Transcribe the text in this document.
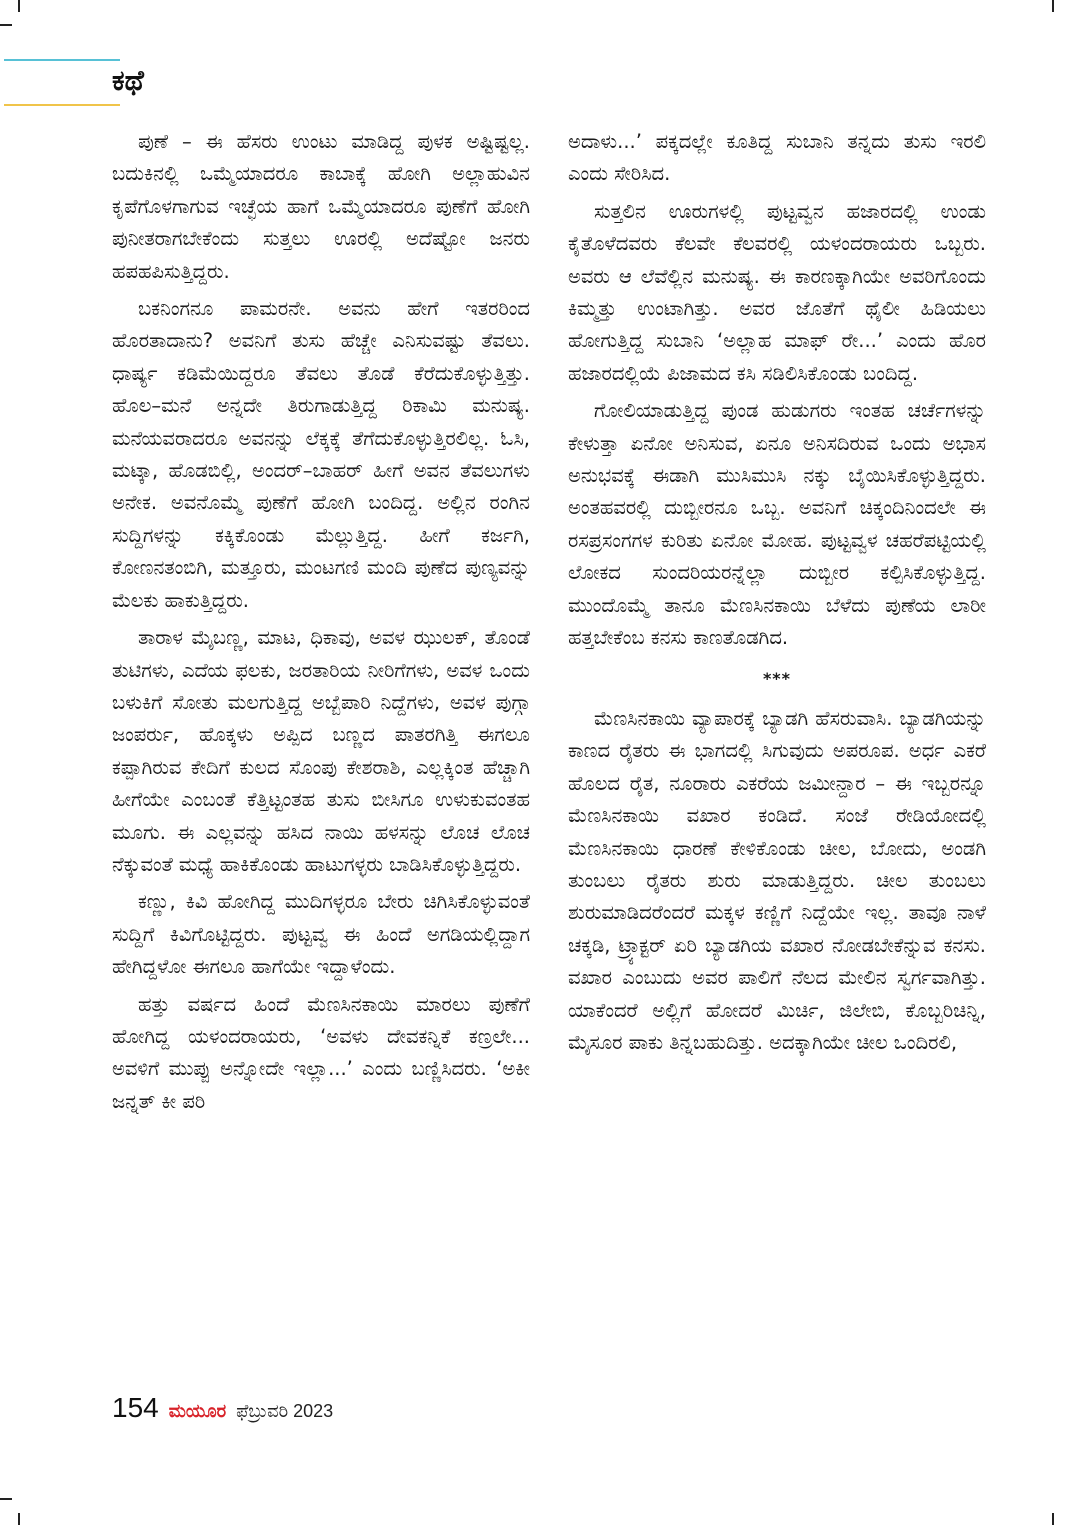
ಕಥೆ

ಪುಣೆ – ಈ ಹೆಸರು ಉಂಟು ಮಾಡಿದ್ದ ಪುಳಕ ಅಷ್ಟಿಷ್ಟಲ್ಲ. ಬದುಕಿನಲ್ಲಿ ಒಮ್ಮೆಯಾದರೂ ಕಾಬಾಕ್ಕೆ ಹೋಗಿ ಅಲ್ಲಾಹುವಿನ ಕೃಪೆಗೊಳಗಾಗುವ ಇಚ್ಛೆಯ ಹಾಗೆ ಒಮ್ಮೆಯಾದರೂ ಪುಣೆಗೆ ಹೋಗಿ ಪುನೀತರಾಗಬೇಕೆಂದು ಸುತ್ತಲು ಊರಲ್ಲಿ ಅದೆಷ್ಟೋ ಜನರು ಹಪಹಪಿಸುತ್ತಿದ್ದರು.

ಬಕನಿಂಗನೂ ಪಾಮರನೇ. ಅವನು ಹೇಗೆ ಇತರರಿಂದ ಹೊರತಾದಾನು? ಅವನಿಗೆ ತುಸು ಹೆಚ್ಚೇ ಎನಿಸುವಷ್ಟು ತೆವಲು. ಧಾರ್ಷ್ಯ ಕಡಿಮೆಯಿದ್ದರೂ ತೆವಲು ತೊಡೆ ಕೆರೆದುಕೊಳ್ಳುತ್ತಿತ್ತು. ಹೊಲ–ಮನೆ ಅನ್ನದೇ ತಿರುಗಾಡುತ್ತಿದ್ದ ರಿಕಾಮಿ ಮನುಷ್ಯ. ಮನೆಯವರಾದರೂ ಅವನನ್ನು ಲೆಕ್ಕಕ್ಕೆ ತೆಗೆದುಕೊಳ್ಳುತ್ತಿರಲಿಲ್ಲ. ಓಸಿ, ಮಟ್ಕಾ, ಹೊಡಬಿಲ್ಲಿ, ಅಂದರ್–ಬಾಹರ್ ಹೀಗೆ ಅವನ ತೆವಲುಗಳು ಅನೇಕ. ಅವನೊಮ್ಮೆ ಪುಣೆಗೆ ಹೋಗಿ ಬಂದಿದ್ದ. ಅಲ್ಲಿನ ರಂಗಿನ ಸುದ್ದಿಗಳನ್ನು ಕಕ್ಕಿಕೊಂಡು ಮೆಲ್ಲುತ್ತಿದ್ದ. ಹೀಗೆ ಕರ್ಜಗಿ, ಕೋಣನತಂಬಿಗಿ, ಮತ್ತೂರು, ಮಂಟಗಣಿ ಮಂದಿ ಪುಣೆದ ಪುಣ್ಯವನ್ನು ಮೆಲಕು ಹಾಕುತ್ತಿದ್ದರು.

ತಾರಾಳ ಮೈಬಣ್ಣ, ಮಾಟ, ಧಿಕಾವು, ಅವಳ ಝುಲಕ್, ತೊಂಡೆ ತುಟಿಗಳು, ಎದೆಯ ಫಲಕು, ಜರತಾರಿಯ ನೀರಿಗೆಗಳು, ಅವಳ ಒಂದು ಬಳುಕಿಗೆ ಸೋತು ಮಲಗುತ್ತಿದ್ದ ಅಬ್ಬೆಪಾರಿ ನಿದ್ದೆಗಳು, ಅವಳ ಪುಗ್ಗಾ ಜಂಪರ್ರು, ಹೊಕ್ಕಳು ಅಪ್ಪಿದ ಬಣ್ಣದ ಪಾತರಗಿತ್ತಿ ಈಗಲೂ ಕಪ್ಪಾಗಿರುವ ಕೇದಿಗೆ ಕುಲದ ಸೊಂಪು ಕೇಶರಾಶಿ, ಎಲ್ಲಕ್ಕಿಂತ ಹೆಚ್ಚಾಗಿ ಹೀಗೆಯೇ ಎಂಬಂತೆ ಕೆತ್ತಿಟ್ಟಂತಹ ತುಸು ಬೀಸಿಗೂ ಉಳುಕುವಂತಹ ಮೂಗು. ಈ ಎಲ್ಲವನ್ನು ಹಸಿದ ನಾಯಿ ಹಳಸನ್ನು ಲೊಚ ಲೊಚ ನೆಕ್ಕುವಂತೆ ಮಧ್ಯೆ ಹಾಕಿಕೊಂಡು ಹಾಟುಗಳ್ಳರು ಬಾಡಿಸಿಕೊಳ್ಳುತ್ತಿದ್ದರು.

ಕಣ್ಣು, ಕಿವಿ ಹೋಗಿದ್ದ ಮುದಿಗಳ್ಳರೂ ಬೇರು ಚಿಗಿಸಿಕೊಳ್ಳುವಂತೆ ಸುದ್ದಿಗೆ ಕಿವಿಗೊಟ್ಟಿದ್ದರು. ಪುಟ್ಟವ್ವ ಈ ಹಿಂದೆ ಅಗಡಿಯಲ್ಲಿದ್ದಾಗ ಹೇಗಿದ್ದಳೋ ಈಗಲೂ ಹಾಗೆಯೇ ಇದ್ದಾಳೆಂದು.

ಹತ್ತು ವರ್ಷದ ಹಿಂದೆ ಮೆಣಸಿನಕಾಯಿ ಮಾರಲು ಪುಣೆಗೆ ಹೋಗಿದ್ದ ಯಳಂದರಾಯರು, ‘ಅವಳು ದೇವಕನ್ನಿಕೆ ಕಣ್ರಲೇ... ಅವಳಿಗೆ ಮುಪ್ಪು ಅನ್ನೋದೇ ಇಲ್ಲಾ...’ ಎಂದು ಬಣ್ಣಿಸಿದರು. ‘ಅಕೀ ಜನ್ನತ್ ಕೀ ಪರಿ

ಅದಾಳು...’ ಪಕ್ಕದಲ್ಲೇ ಕೂತಿದ್ದ ಸುಬಾನಿ ತನ್ನದು ತುಸು ಇರಲಿ ಎಂದು ಸೇರಿಸಿದ.

ಸುತ್ತಲಿನ ಊರುಗಳಲ್ಲಿ ಪುಟ್ಟವ್ವನ ಹಜಾರದಲ್ಲಿ ಉಂಡು ಕೈತೊಳೆದವರು ಕೆಲವೇ ಕೆಲವರಲ್ಲಿ ಯಳಂದರಾಯರು ಒಬ್ಬರು. ಅವರು ಆ ಲೆವೆಲ್ಲಿನ ಮನುಷ್ಯ. ಈ ಕಾರಣಕ್ಕಾಗಿಯೇ ಅವರಿಗೊಂದು ಕಿಮ್ಮತ್ತು ಉಂಟಾಗಿತ್ತು. ಅವರ ಜೊತೆಗೆ ಥೈಲೀ ಹಿಡಿಯಲು ಹೋಗುತ್ತಿದ್ದ ಸುಬಾನಿ ‘ಅಲ್ಲಾಹ ಮಾಫ್ ರೇ...’ ಎಂದು ಹೊರ ಹಜಾರದಲ್ಲಿಯೆ ಪಿಜಾಮದ ಕಸಿ ಸಡಿಲಿಸಿಕೊಂಡು ಬಂದಿದ್ದ.

ಗೋಲಿಯಾಡುತ್ತಿದ್ದ ಪುಂಡ ಹುಡುಗರು ಇಂತಹ ಚರ್ಚೆಗಳನ್ನು ಕೇಳುತ್ತಾ ಏನೋ ಅನಿಸುವ, ಏನೂ ಅನಿಸದಿರುವ ಒಂದು ಅಭಾಸ ಅನುಭವಕ್ಕೆ ಈಡಾಗಿ ಮುಸಿಮುಸಿ ನಕ್ಕು ಬೈಯಿಸಿಕೊಳ್ಳುತ್ತಿದ್ದರು. ಅಂತಹವರಲ್ಲಿ ದುಬ್ಬೀರನೂ ಒಬ್ಬ. ಅವನಿಗೆ ಚಿಕ್ಕಂದಿನಿಂದಲೇ ಈ ರಸಪ್ರಸಂಗಗಳ ಕುರಿತು ಏನೋ ಮೋಹ. ಪುಟ್ಟವ್ವಳ ಚಹರೆಪಟ್ಟಿಯಲ್ಲಿ ಲೋಕದ ಸುಂದರಿಯರನ್ನೆಲ್ಲಾ ದುಬ್ಬೀರ ಕಲ್ಪಿಸಿಕೊಳ್ಳುತ್ತಿದ್ದ. ಮುಂದೊಮ್ಮೆ ತಾನೂ ಮೆಣಸಿನಕಾಯಿ ಬೆಳೆದು ಪುಣೆಯ ಲಾರೀ ಹತ್ತಬೇಕೆಂಬ ಕನಸು ಕಾಣತೊಡಗಿದ.

***

ಮೆಣಸಿನಕಾಯಿ ವ್ಯಾಪಾರಕ್ಕೆ ಬ್ಯಾಡಗಿ ಹೆಸರುವಾಸಿ. ಬ್ಯಾಡಗಿಯನ್ನು ಕಾಣದ ರೈತರು ಈ ಭಾಗದಲ್ಲಿ ಸಿಗುವುದು ಅಪರೂಪ. ಅರ್ಧ ಎಕರೆ ಹೊಲದ ರೈತ, ನೂರಾರು ಎಕರೆಯ ಜಮೀನ್ದಾರ – ಈ ಇಬ್ಬರನ್ನೂ ಮೆಣಸಿನಕಾಯಿ ವಖಾರ ಕಂಡಿದೆ. ಸಂಜೆ ರೇಡಿಯೋದಲ್ಲಿ ಮೆಣಸಿನಕಾಯಿ ಧಾರಣೆ ಕೇಳಿಕೊಂಡು ಚೀಲ, ಬೋದು, ಅಂಡಗಿ ತುಂಬಲು ರೈತರು ಶುರು ಮಾಡುತ್ತಿದ್ದರು. ಚೀಲ ತುಂಬಲು ಶುರುಮಾಡಿದರೆಂದರೆ ಮಕ್ಕಳ ಕಣ್ಣಿಗೆ ನಿದ್ದೆಯೇ ಇಲ್ಲ. ತಾವೂ ನಾಳೆ ಚಕ್ಕಡಿ, ಟ್ರ್ಯಾಕ್ಟರ್ ಏರಿ ಬ್ಯಾಡಗಿಯ ವಖಾರ ನೋಡಬೇಕೆನ್ನುವ ಕನಸು. ವಖಾರ ಎಂಬುದು ಅವರ ಪಾಲಿಗೆ ನೆಲದ ಮೇಲಿನ ಸ್ವರ್ಗವಾಗಿತ್ತು. ಯಾಕೆಂದರೆ ಅಲ್ಲಿಗೆ ಹೋದರೆ ಮಿರ್ಚಿ, ಜಿಲೇಬಿ, ಕೊಬ್ಬರಿಚಿನ್ನಿ, ಮೈಸೂರ ಪಾಕು ತಿನ್ನಬಹುದಿತ್ತು. ಅದಕ್ಕಾಗಿಯೇ ಚೀಲ ಒಂದಿರಲಿ,

154 ಮಯೂರ ಫೆಬ್ರುವರಿ 2023
